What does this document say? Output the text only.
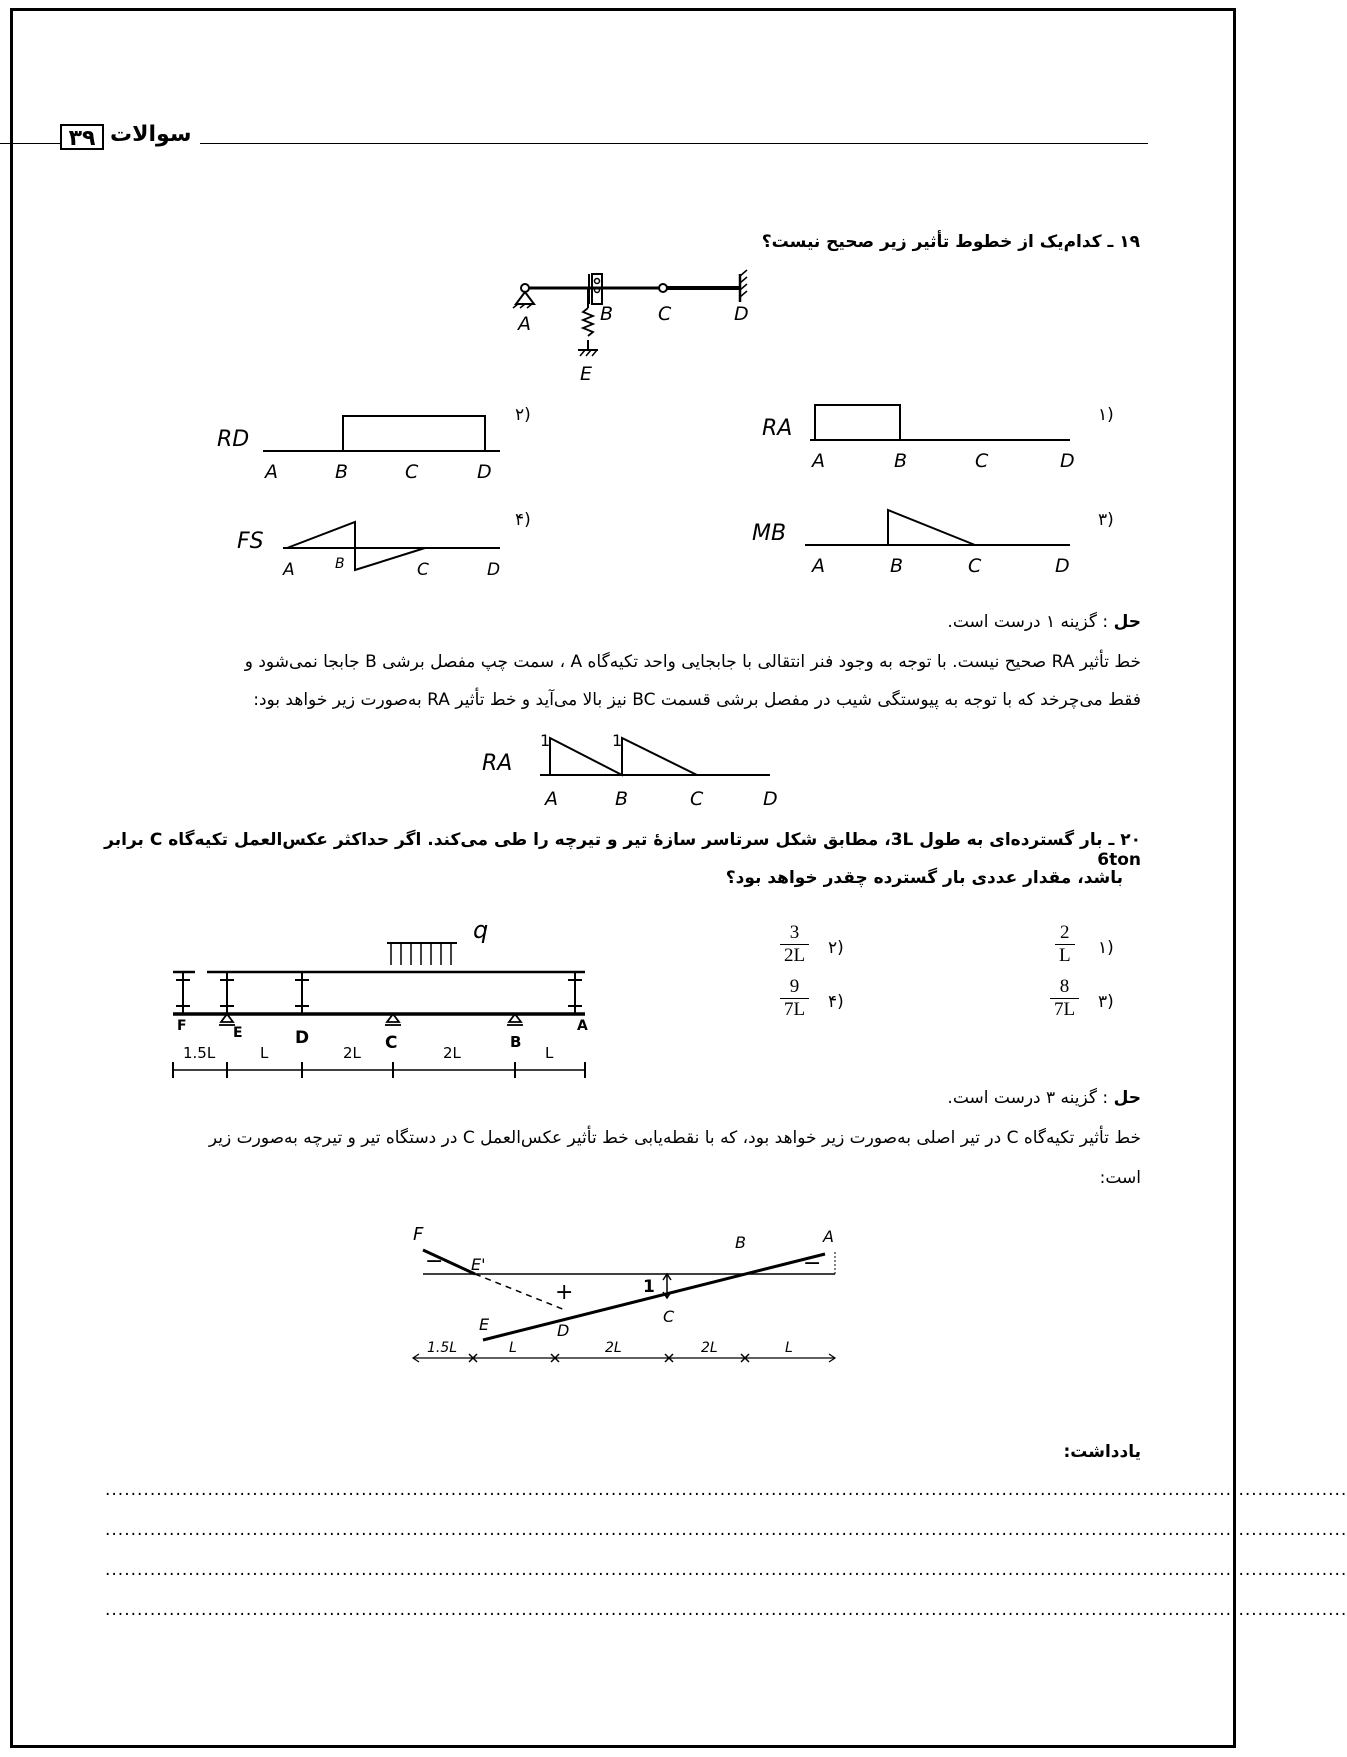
۳۹ سوالات
۱۹ ـ کدام‌یک از خطوط تأثیر زیر صحیح نیست؟
A	B C	D
E
۱)
RA
A	B	C	D
۲)
RD
A	B	C	D
۳)
MB
A	B	C	D
۴)
FS
A	B	C	D
حل : گزینه ۱ درست است.
خط تأثیر RA صحیح نیست. با توجه به وجود فنر انتقالی با جابجایی واحد تکیه‌گاه A ، سمت چپ مفصل برشی B جابجا نمی‌شود و
فقط می‌چرخد که با توجه به پیوستگی شیب در مفصل برشی قسمت BC نیز بالا می‌آید و خط تأثیر RA به‌صورت زیر خواهد بود:
RA
1	1
A	B	C	D
۲۰ ـ بار گسترده‌ای به طول 3L، مطابق شکل سرتاسر سازهٔ تیر و تیرچه را طی می‌کند. اگر حداکثر عکس‌العمل تکیه‌گاه C برابر 6ton
باشد، مقدار عددی بار گسترده چقدر خواهد بود؟
q
F	E	D	C	B
A
1.5L	L	2L	2L	L
۱)
$\frac{2}{L}$
۲)
$\frac{3}{2L}$
۳)
$\frac{8}{7L}$
۴)
$\frac{9}{7L}$
حل : گزینه ۳ درست است.
خط تأثیر تکیه‌گاه C در تیر اصلی به‌صورت زیر خواهد بود، که با نقطه‌یابی خط تأثیر عکس‌العمل C در دستگاه تیر و تیرچه به‌صورت زیر
است:
1
−
+
−
F
E'
E	D
C
B	A
1.5L	L	2L	2L	L
یادداشت:
..................................................................................................................................................................................................
..................................................................................................................................................................................................
..................................................................................................................................................................................................
..................................................................................................................................................................................................
